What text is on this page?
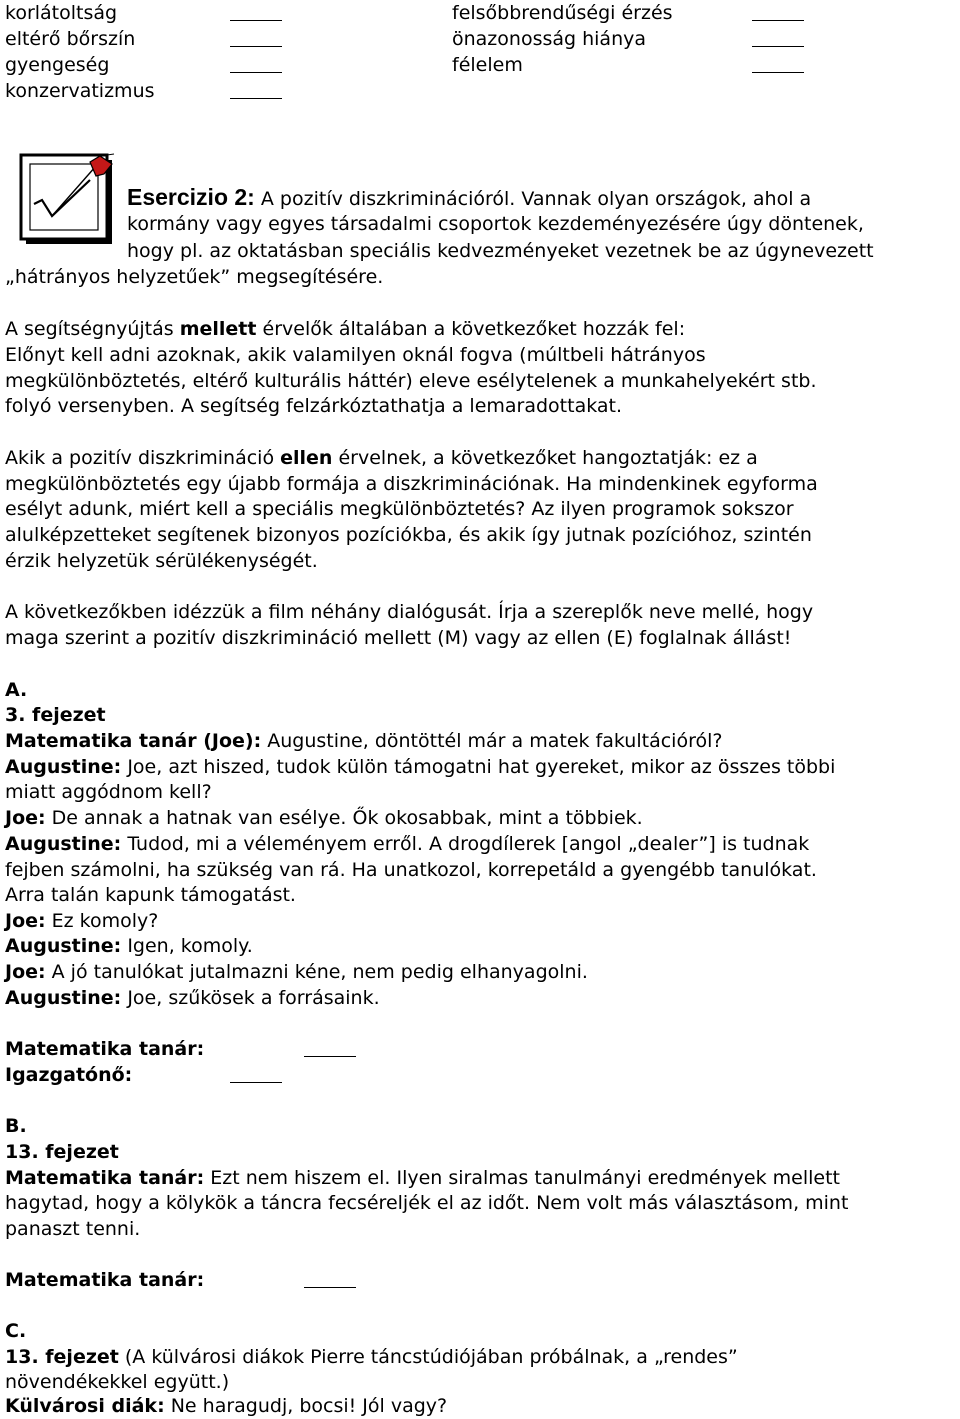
korlátoltság
eltérő bőrszín
gyengeség
konzervatizmus
felsőbbrendűségi érzés
önazonosság hiánya
félelem
Esercizio 2: A pozitív diszkriminációról. Vannak olyan országok, ahol a
kormány vagy egyes társadalmi csoportok kezdeményezésére úgy döntenek,
hogy pl. az oktatásban speciális kedvezményeket vezetnek be az úgynevezett
„hátrányos helyzetűek” megsegítésére.
A segítségnyújtás mellett érvelők általában a következőket hozzák fel:
Előnyt kell adni azoknak, akik valamilyen oknál fogva (múltbeli hátrányos
megkülönböztetés, eltérő kulturális háttér) eleve esélytelenek a munkahelyekért stb.
folyó versenyben. A segítség felzárkóztathatja a lemaradottakat.
Akik a pozitív diszkrimináció ellen érvelnek, a következőket hangoztatják: ez a
megkülönböztetés egy újabb formája a diszkriminációnak. Ha mindenkinek egyforma
esélyt adunk, miért kell a speciális megkülönböztetés? Az ilyen programok sokszor
alulképzetteket segítenek bizonyos pozíciókba, és akik így jutnak pozícióhoz, szintén
érzik helyzetük sérülékenységét.
A következőkben idézzük a film néhány dialógusát. Írja a szereplők neve mellé, hogy
maga szerint a pozitív diszkrimináció mellett (M) vagy az ellen (E) foglalnak állást!
A.
3. fejezet
Matematika tanár (Joe): Augustine, döntöttél már a matek fakultációról?
Augustine: Joe, azt hiszed, tudok külön támogatni hat gyereket, mikor az összes többi
miatt aggódnom kell?
Joe: De annak a hatnak van esélye. Ők okosabbak, mint a többiek.
Augustine: Tudod, mi a véleményem erről. A drogdílerek [angol „dealer”] is tudnak
fejben számolni, ha szükség van rá. Ha unatkozol, korrepetáld a gyengébb tanulókat.
Arra talán kapunk támogatást.
Joe: Ez komoly?
Augustine: Igen, komoly.
Joe: A jó tanulókat jutalmazni kéne, nem pedig elhanyagolni.
Augustine: Joe, szűkösek a forrásaink.
Matematika tanár:
Igazgatónő:
B.
13. fejezet
Matematika tanár: Ezt nem hiszem el. Ilyen siralmas tanulmányi eredmények mellett
hagytad, hogy a kölykök a táncra fecséreljék el az időt. Nem volt más választásom, mint
panaszt tenni.
Matematika tanár:
C.
13. fejezet (A külvárosi diákok Pierre táncstúdiójában próbálnak, a „rendes”
növendékekkel együtt.)
Külvárosi diák: Ne haragudj, bocsi! Jól vagy?
